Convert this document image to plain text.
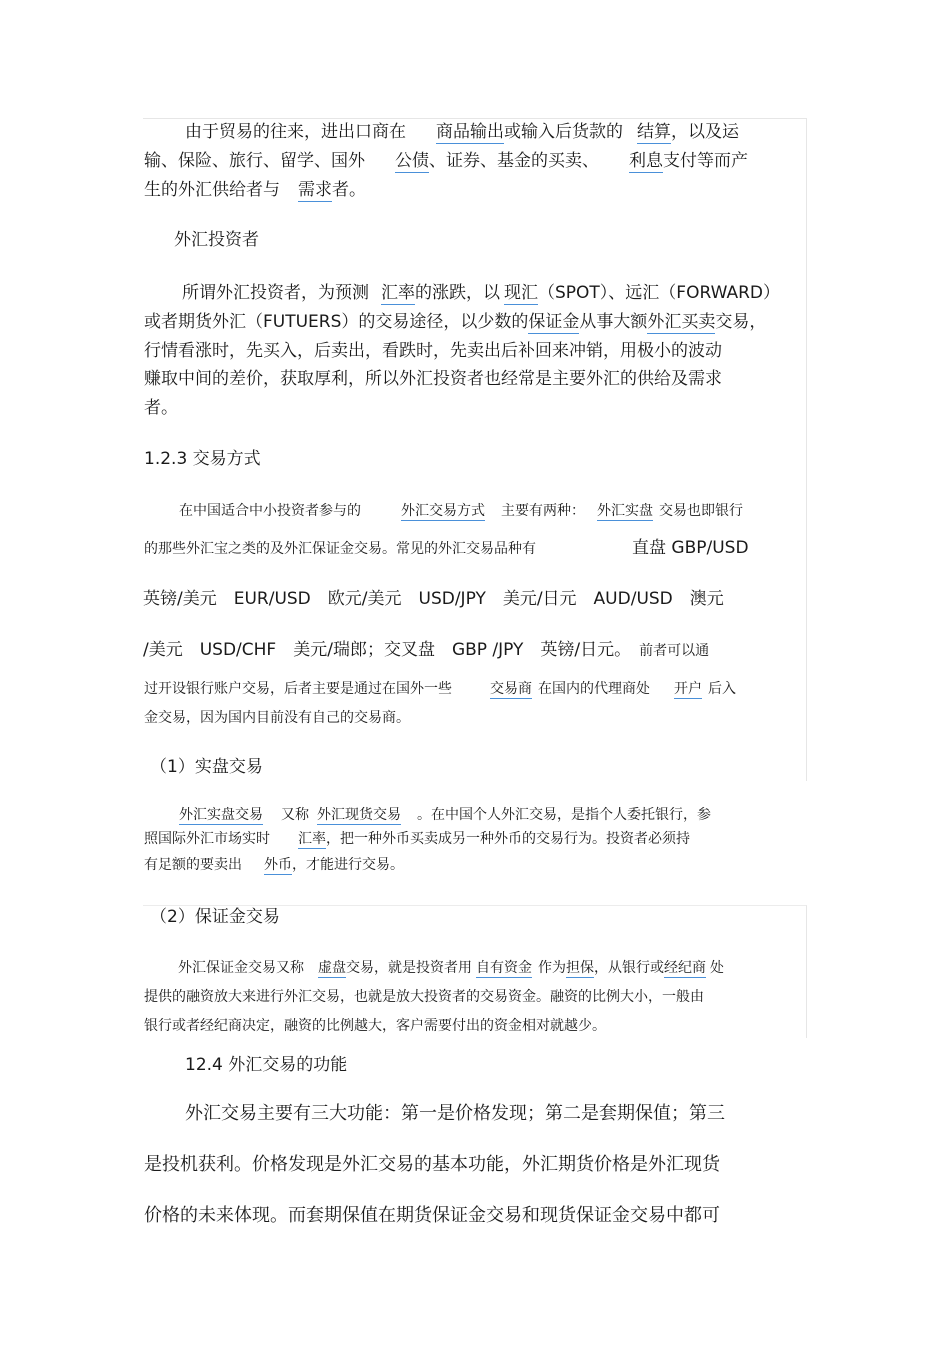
由于贸易的往来，进出口商在 商品输出或输入后货款的 结算，以及运
输、保险、旅行、留学、国外 公债、证券、基金的买卖、 利息支付等而产
生的外汇供给者与 需求者。
外汇投资者
所谓外汇投资者，为预测 汇率的涨跌，以 现汇（SPOT）、远汇（FORWARD）
或者期货外汇（FUTUERS）的交易途径，以少数的保证金从事大额外汇买卖交易，
行情看涨时，先买入，后卖出，看跌时，先卖出后补回来冲销，用极小的波动
赚取中间的差价，获取厚利，所以外汇投资者也经常是主要外汇的供给及需求
者。
1.2.3 交易方式
在中国适合中小投资者参与的	外汇交易方式 主要有两种： 外汇实盘 交易也即银行
的那些外汇宝之类的及外汇保证金交易。常见的外汇交易品种有	直盘 GBP/USD
英镑/美元　EUR/USD　欧元/美元　USD/JPY　美元/日元　AUD/USD　澳元
/美元　USD/CHF　美元/瑞郎；交叉盘　GBP /JPY　英镑/日元。 前者可以通
过开设银行账户交易，后者主要是通过在国外一些	交易商 在国内的代理商处 开户 后入
金交易，因为国内目前没有自己的交易商。
（1）实盘交易
外汇实盘交易 又称 外汇现货交易 。在中国个人外汇交易，是指个人委托银行，参
照国际外汇市场实时 汇率，把一种外币买卖成另一种外币的交易行为。投资者必须持
有足额的要卖出 外币，才能进行交易。
（2）保证金交易
外汇保证金交易又称 虚盘交易，就是投资者用 自有资金 作为担保，从银行或经纪商 处
提供的融资放大来进行外汇交易，也就是放大投资者的交易资金。融资的比例大小，一般由
银行或者经纪商决定，融资的比例越大，客户需要付出的资金相对就越少。
12.4 外汇交易的功能
外汇交易主要有三大功能：第一是价格发现；第二是套期保值；第三
是投机获利。价格发现是外汇交易的基本功能，外汇期货价格是外汇现货
价格的未来体现。而套期保值在期货保证金交易和现货保证金交易中都可
